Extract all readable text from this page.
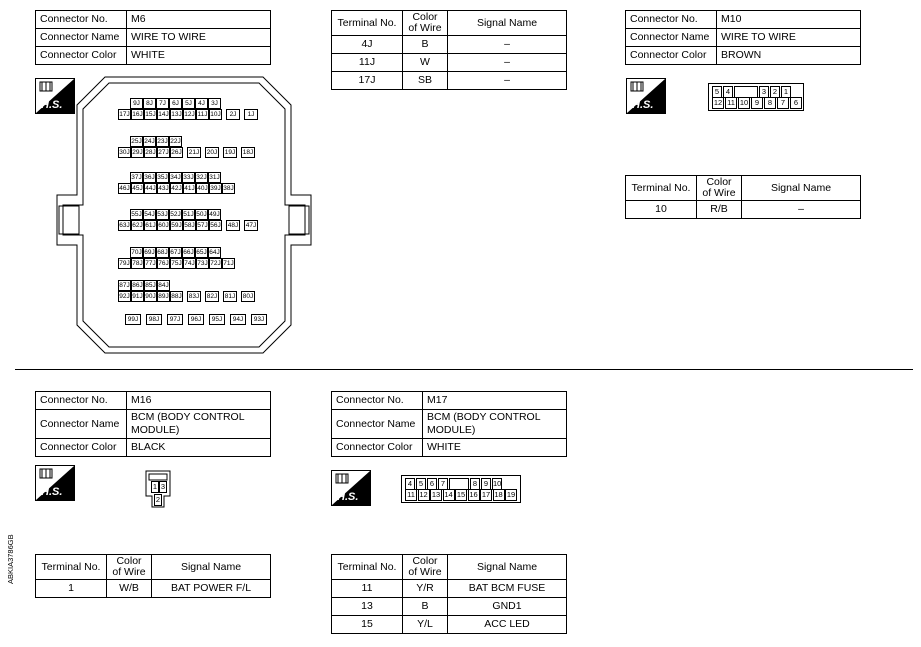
Connector No.	M6
Connector Name	WIRE TO WIRE
Connector Color	WHITE
H.S.	9J 8J 7J 6J 5J 4J 3J
17J 16J 15J 14J 13J 12J 11J 10J	2J	1J
25J 24J 23J 22J
30J 29J 28J 27J 26J 21J 20J 19J 18J
37J 36J 35J 34J 33J 32J 31J
46J 45J 44J 43J 42J 41J 40J 39J 38J
55J 54J 53J 52J 51J 50J 49J
63J 62J 61J 60J 59J 58J 57J 56J 48J 47J
70J 69J 68J 67J 66J 65J 64J
79J 78J 77J 76J 75J 74J 73J 72J 71J
87J 86J 85J 84J
92J 91J 90J 89J 88J 83J 82J 81J 80J
99J	98J	97J	96J	95J	94J	93J
Terminal No.	Color of Wire	Signal Name
4J	B	–
11J	W	–
17J	SB	–
Connector No.	M10
Connector Name	WIRE TO WIRE
Connector Color	BROWN
H.S.
5 4	3 2 1
12 11 10 9	8	7	6
Terminal No.	Color of Wire	Signal Name
10	R/B	–
Connector No.	M16
Connector Name	BCM (BODY CONTROL MODULE)
Connector Color	BLACK
H.S.	1 3
2
Terminal No.	Color of Wire	Signal Name
1	W/B	BAT POWER F/L
Connector No.	M17
Connector Name	BCM (BODY CONTROL MODULE)
Connector Color	WHITE
H.S.
4 5 6 7	8 9 10
11 12 13 14 15 16 17 18 19
Terminal No.	Color of Wire	Signal Name
11	Y/R	BAT BCM FUSE
13	B	GND1
15	Y/L	ACC LED
ABKIA3786GB
